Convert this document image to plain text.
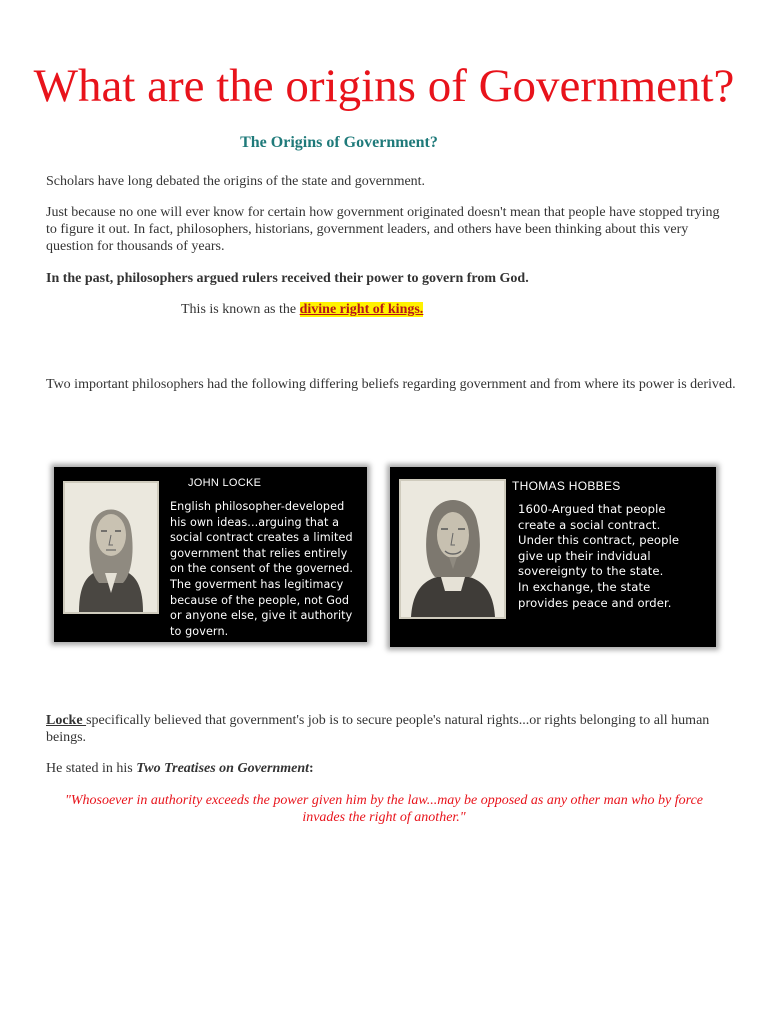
What are the origins of Government?
The Origins of Government?

Scholars have long debated the origins of the state and government.

Just because no one will ever know for certain how government originated doesn't mean that people have stopped trying to figure it out. In fact, philosophers, historians, government leaders, and others have been thinking about this very question for thousands of years.

In the past, philosophers argued rulers received their power to govern from God.

This is known as the divine right of kings.

Two important philosophers had the following differing beliefs regarding government and from where its power is derived.

JOHN LOCKE
English philosopher-developed
his own ideas...arguing that a
social contract creates a limited
government that relies entirely
on the consent of the governed.
The goverment has legitimacy
because of the people, not God
or anyone else, give it authority
to govern.
THOMAS HOBBES
1600-Argued that people
create a social contract.
Under this contract, people
give up their indvidual
sovereignty to the state.
In exchange, the state
provides peace and order.

Locke specifically believed that government's job is to secure people's natural rights...or rights belonging to all human beings.

He stated in his Two Treatises on Government:

"Whosoever in authority exceeds the power given him by the law...may be opposed as any other man who by force invades the right of another."
